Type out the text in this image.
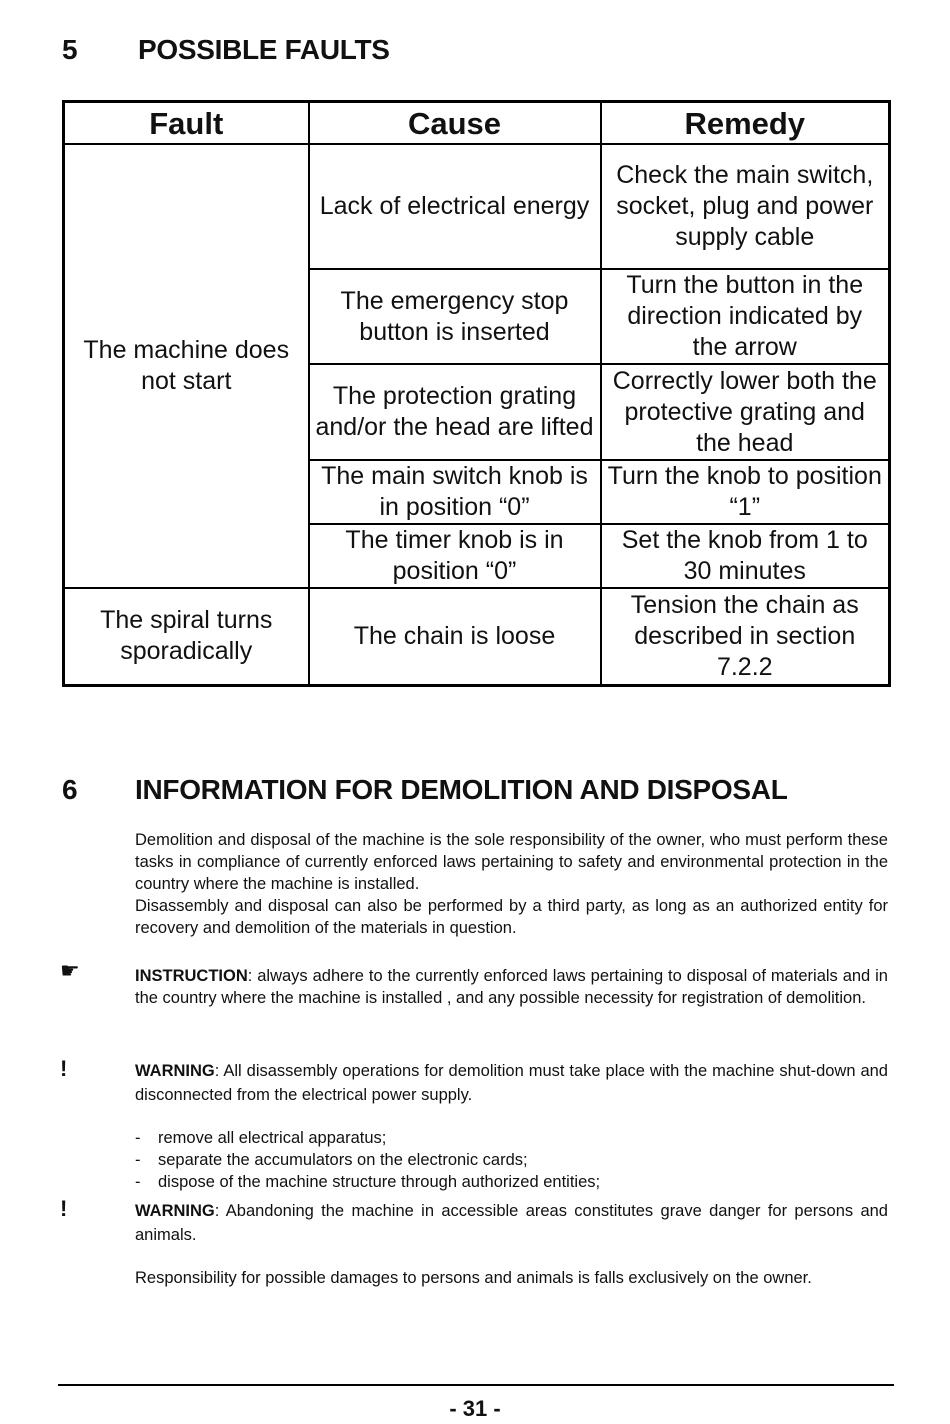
5 POSSIBLE FAULTS
Fault	Cause	Remedy
The machine does not start	Lack of electrical energy	Check the main switch, socket, plug and power supply cable
	The emergency stop button is inserted	Turn the button in the direction indicated by the arrow
	The protection grating and/or the head are lifted	Correctly lower both the protective grating and the head
	The main switch knob is in position “0”	Turn the knob to position “1”
	The timer knob is in position “0”	Set the knob from 1 to 30 minutes
The spiral turns sporadically	The chain is loose	Tension the chain as described in section 7.2.2
6 INFORMATION FOR DEMOLITION AND DISPOSAL

Demolition and disposal of the machine is the sole responsibility of the owner, who must perform these tasks in compliance of currently enforced laws pertaining to safety and environmental protection in the country where the machine is installed.

Disassembly and disposal can also be performed by a third party, as long as an authorized entity for recovery and demolition of the materials in question.

☛	INSTRUCTION: always adhere to the currently enforced laws pertaining to disposal of materials and in the country where the machine is installed , and any possible necessity for registration of demolition.

!	WARNING: All disassembly operations for demolition must take place with the machine shut-down and disconnected from the electrical power supply.

-	remove all electrical apparatus;
-	separate the accumulators on the electronic cards;
-	dispose of the machine structure through authorized entities;
!	WARNING: Abandoning the machine in accessible areas constitutes grave danger for persons and animals.

Responsibility for possible damages to persons and animals is falls exclusively on the owner.

- 31 -
